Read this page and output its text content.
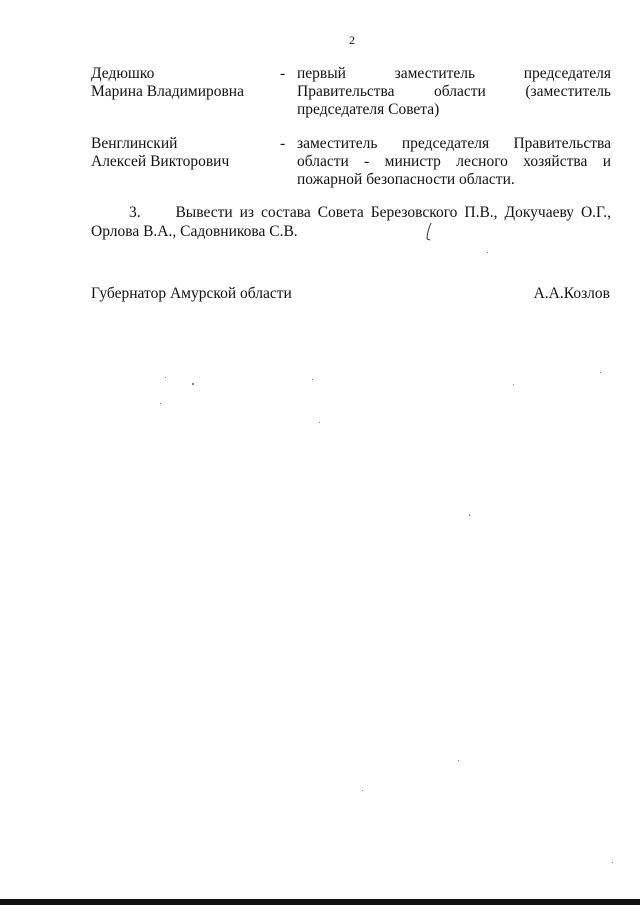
2
Дедюшко
Марина Владимировна
- первый заместитель председателя
Правительства области (заместитель
председателя Совета)
Венглинский
Алексей Викторович
- заместитель председателя Правительства
области - министр лесного хозяйства и
пожарной безопасности области.
3.     Вывести из состава Совета Березовского П.В., Докучаеву О.Г.,
Орлова В.А., Садовникова С.В.
Губернатор Амурской области	А.А.Козлов
